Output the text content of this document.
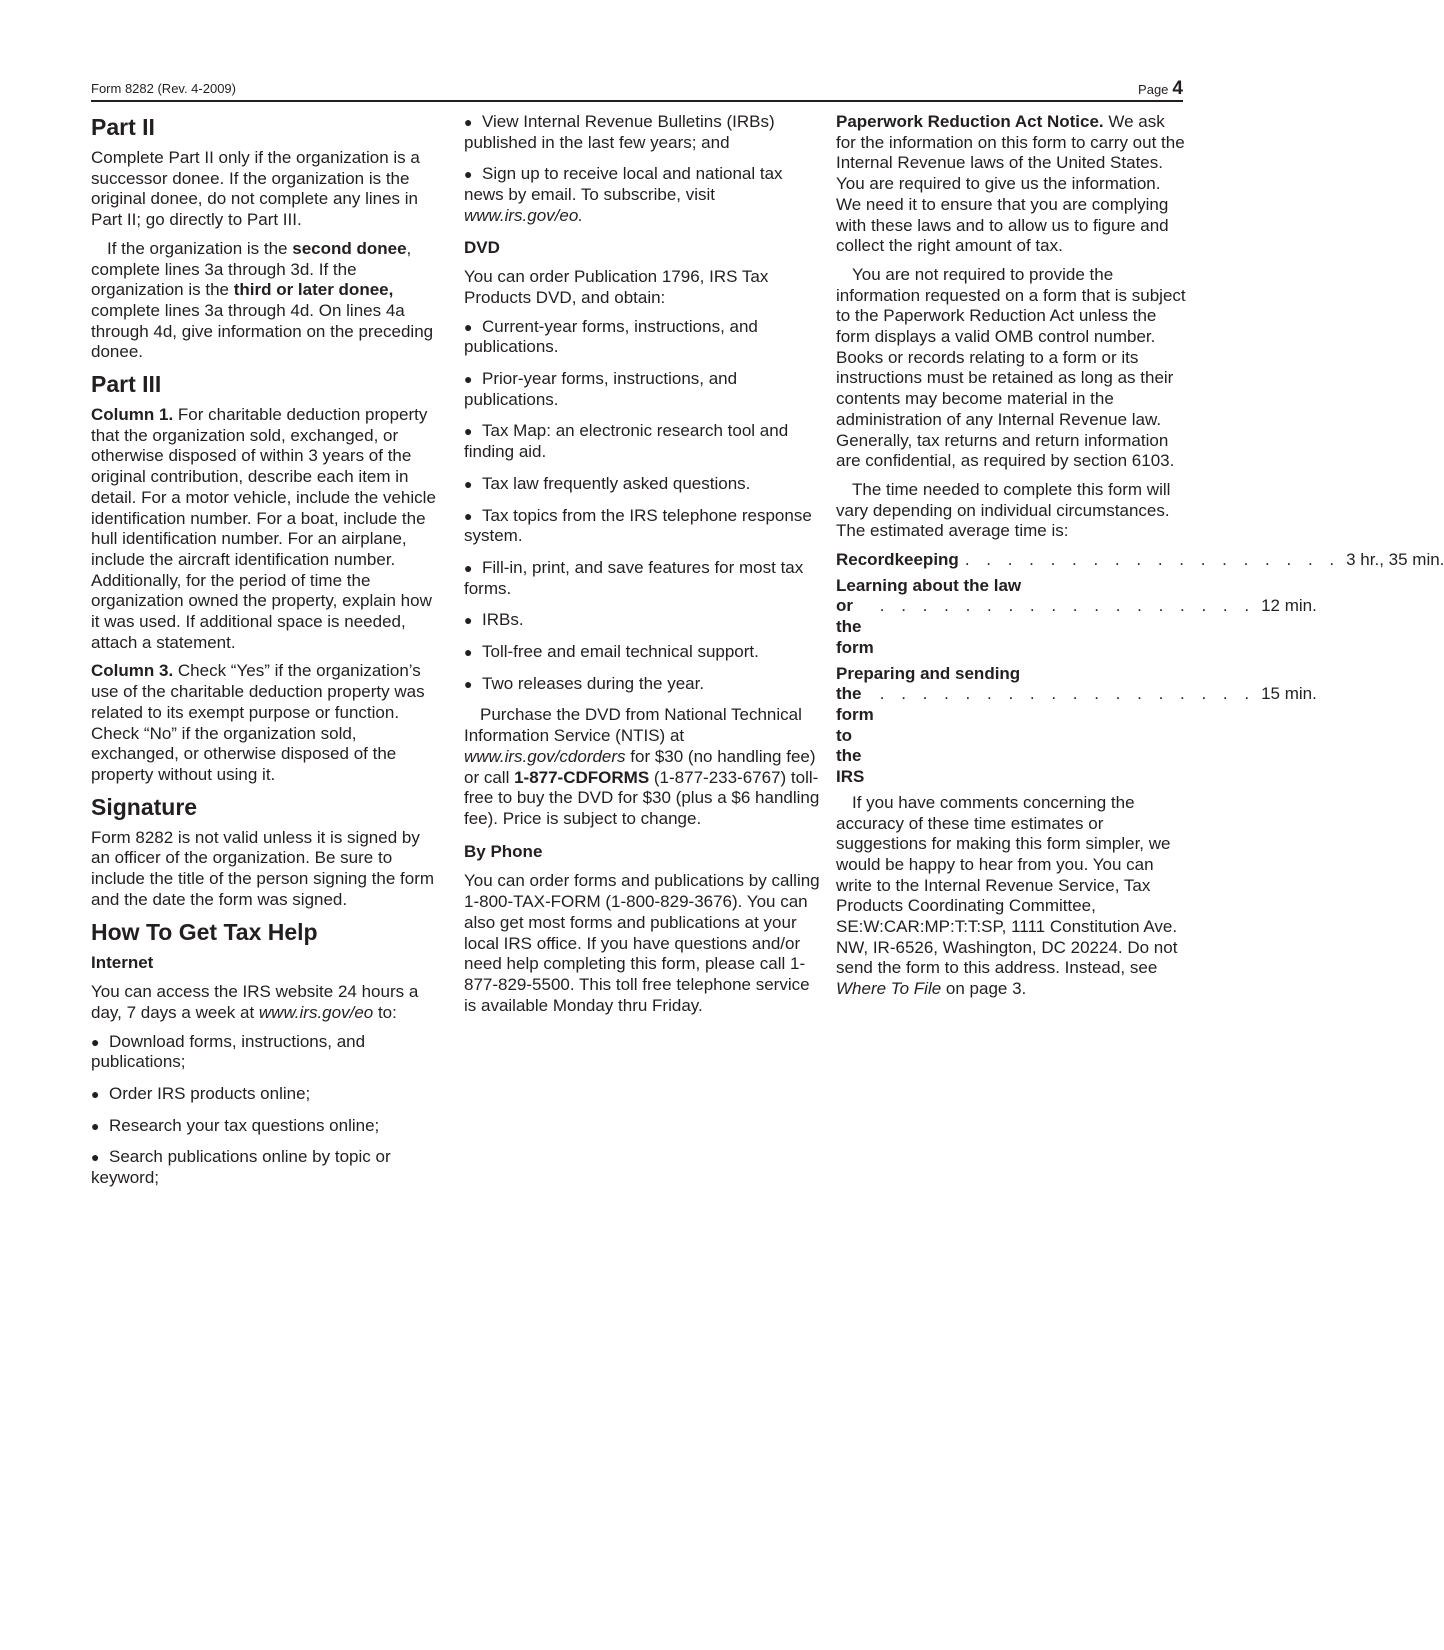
Form 8282 (Rev. 4-2009)	Page 4
Part II

Complete Part II only if the organization is a successor donee. If the organization is the original donee, do not complete any lines in Part II; go directly to Part III.

If the organization is the second donee, complete lines 3a through 3d. If the organization is the third or later donee, complete lines 3a through 4d. On lines 4a through 4d, give information on the preceding donee.

Part III

Column 1. For charitable deduction property that the organization sold, exchanged, or otherwise disposed of within 3 years of the original contribution, describe each item in detail. For a motor vehicle, include the vehicle identification number. For a boat, include the hull identification number. For an airplane, include the aircraft identification number. Additionally, for the period of time the organization owned the property, explain how it was used. If additional space is needed, attach a statement.

Column 3. Check “Yes” if the organization’s use of the charitable deduction property was related to its exempt purpose or function. Check “No” if the organization sold, exchanged, or otherwise disposed of the property without using it.

Signature

Form 8282 is not valid unless it is signed by an officer of the organization. Be sure to include the title of the person signing the form and the date the form was signed.

How To Get Tax Help
Internet

You can access the IRS website 24 hours a day, 7 days a week at www.irs.gov/eo to:

● Download forms, instructions, and publications;
● Order IRS products online;
● Research your tax questions online;
● Search publications online by topic or keyword;
● View Internal Revenue Bulletins (IRBs) published in the last few years; and
● Sign up to receive local and national tax news by email. To subscribe, visit www.irs.gov/eo.
DVD

You can order Publication 1796, IRS Tax Products DVD, and obtain:

● Current-year forms, instructions, and publications.
● Prior-year forms, instructions, and publications.
● Tax Map: an electronic research tool and finding aid.
● Tax law frequently asked questions.
● Tax topics from the IRS telephone response system.
● Fill-in, print, and save features for most tax forms.
● IRBs.
● Toll-free and email technical support.
● Two releases during the year.

Purchase the DVD from National Technical Information Service (NTIS) at www.irs.gov/cdorders for $30 (no handling fee) or call 1-877-CDFORMS (1-877-233-6767) toll-free to buy the DVD for $30 (plus a $6 handling fee). Price is subject to change.

By Phone

You can order forms and publications by calling 1-800-TAX-FORM (1-800-829-3676). You can also get most forms and publications at your local IRS office. If you have questions and/or need help completing this form, please call 1-877-829-5500. This toll free telephone service is available Monday thru Friday.

Paperwork Reduction Act Notice. We ask for the information on this form to carry out the Internal Revenue laws of the United States. You are required to give us the information. We need it to ensure that you are complying with these laws and to allow us to figure and collect the right amount of tax.

You are not required to provide the information requested on a form that is subject to the Paperwork Reduction Act unless the form displays a valid OMB control number. Books or records relating to a form or its instructions must be retained as long as their contents may become material in the administration of any Internal Revenue law. Generally, tax returns and return information are confidential, as required by section 6103.

The time needed to complete this form will vary depending on individual circumstances. The estimated average time is:

Recordkeeping . . . . . . . . . . . . . . . . . . 3 hr., 35 min.
Learning about the law
or the form
. . . . . . . . . . . . . . . . . . 12 min.
Preparing and sending
the form to the IRS
. . . . . . . . . . . . . . . . . . 15 min.

If you have comments concerning the accuracy of these time estimates or suggestions for making this form simpler, we would be happy to hear from you. You can write to the Internal Revenue Service, Tax Products Coordinating Committee, SE:W:CAR:MP:T:T:SP, 1111 Constitution Ave. NW, IR-6526, Washington, DC 20224. Do not send the form to this address. Instead, see Where To File on page 3.
